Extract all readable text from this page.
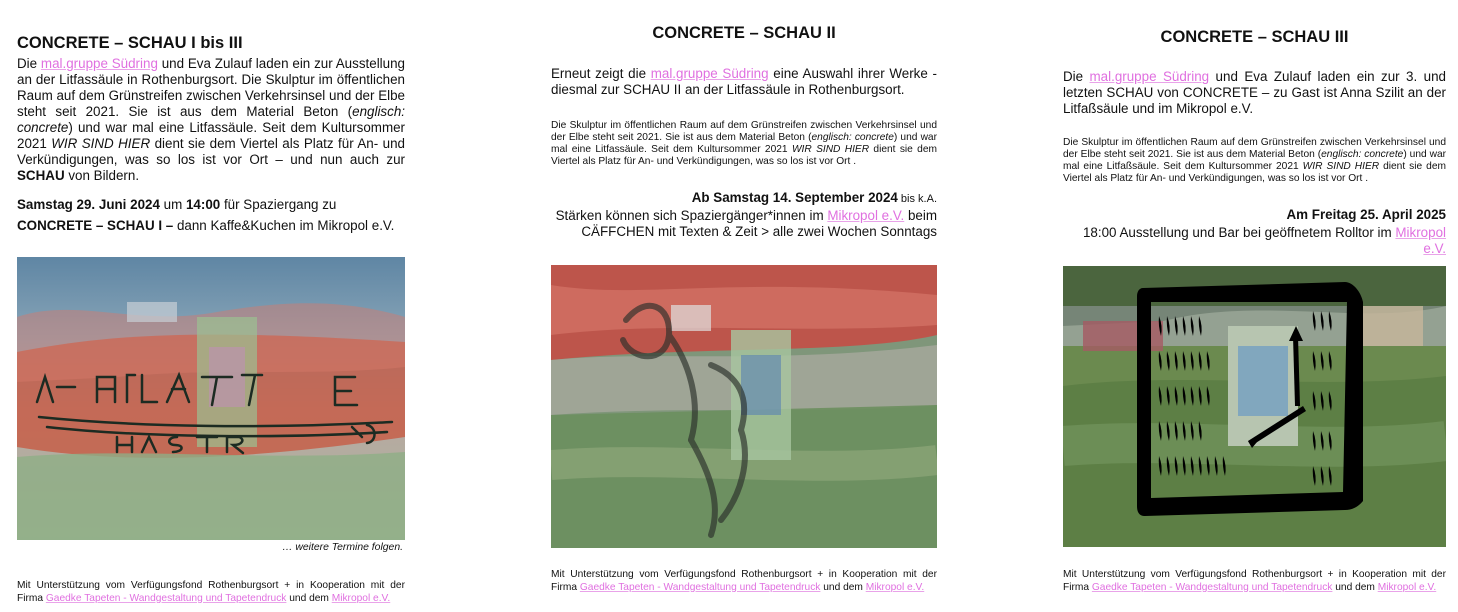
CONCRETE – SCHAU I bis III

Die mal.gruppe Südring und Eva Zulauf laden ein zur Ausstellung an der Litfassäule in Rothenburgsort. Die Skulptur im öffentlichen Raum auf dem Grünstreifen zwischen Verkehrsinsel und der Elbe steht seit 2021. Sie ist aus dem Material Beton (englisch: concrete) und war mal eine Litfassäule. Seit dem Kultursommer 2021 WIR SIND HIER dient sie dem Viertel als Platz für An- und Verkündigungen, was so los ist vor Ort – und nun auch zur SCHAU von Bildern.

Samstag 29. Juni 2024 um 14:00 für Spaziergang zu
CONCRETE – SCHAU I – dann Kaffe&Kuchen im Mikropol e.V.

… weitere Termine folgen.

Mit Unterstützung vom Verfügungsfond Rothenburgsort + in Kooperation mit der Firma Gaedke Tapeten - Wandgestaltung und Tapetendruck und dem Mikropol e.V.

CONCRETE – SCHAU II

Erneut zeigt die mal.gruppe Südring eine Auswahl ihrer Werke - diesmal zur SCHAU II an der Litfassäule in Rothenburgsort.

Die Skulptur im öffentlichen Raum auf dem Grünstreifen zwischen Verkehrsinsel und der Elbe steht seit 2021. Sie ist aus dem Material Beton (englisch: concrete) und war mal eine Litfassäule. Seit dem Kultursommer 2021 WIR SIND HIER dient sie dem Viertel als Platz für An- und Verkündigungen, was so los ist vor Ort .

Ab Samstag 14. September 2024 bis k.A.

Stärken können sich Spaziergänger*innen im Mikropol e.V. beim
CÄFFCHEN mit Texten & Zeit > alle zwei Wochen Sonntags

Mit Unterstützung vom Verfügungsfond Rothenburgsort + in Kooperation mit der Firma Gaedke Tapeten - Wandgestaltung und Tapetendruck und dem Mikropol e.V.

CONCRETE – SCHAU III

Die mal.gruppe Südring und Eva Zulauf laden ein zur 3. und letzten SCHAU von CONCRETE – zu Gast ist Anna Szilit an der Litfaßsäule und im Mikropol e.V.

Die Skulptur im öffentlichen Raum auf dem Grünstreifen zwischen Verkehrsinsel und der Elbe steht seit 2021. Sie ist aus dem Material Beton (englisch: concrete) und war mal eine Litfaßsäule. Seit dem Kultursommer 2021 WIR SIND HIER dient sie dem Viertel als Platz für An- und Verkündigungen, was so los ist vor Ort .

Am Freitag 25. April 2025

18:00 Ausstellung und Bar bei geöffnetem Rolltor im Mikropol e.V.

Mit Unterstützung vom Verfügungsfond Rothenburgsort + in Kooperation mit der Firma Gaedke Tapeten - Wandgestaltung und Tapetendruck und dem Mikropol e.V.
